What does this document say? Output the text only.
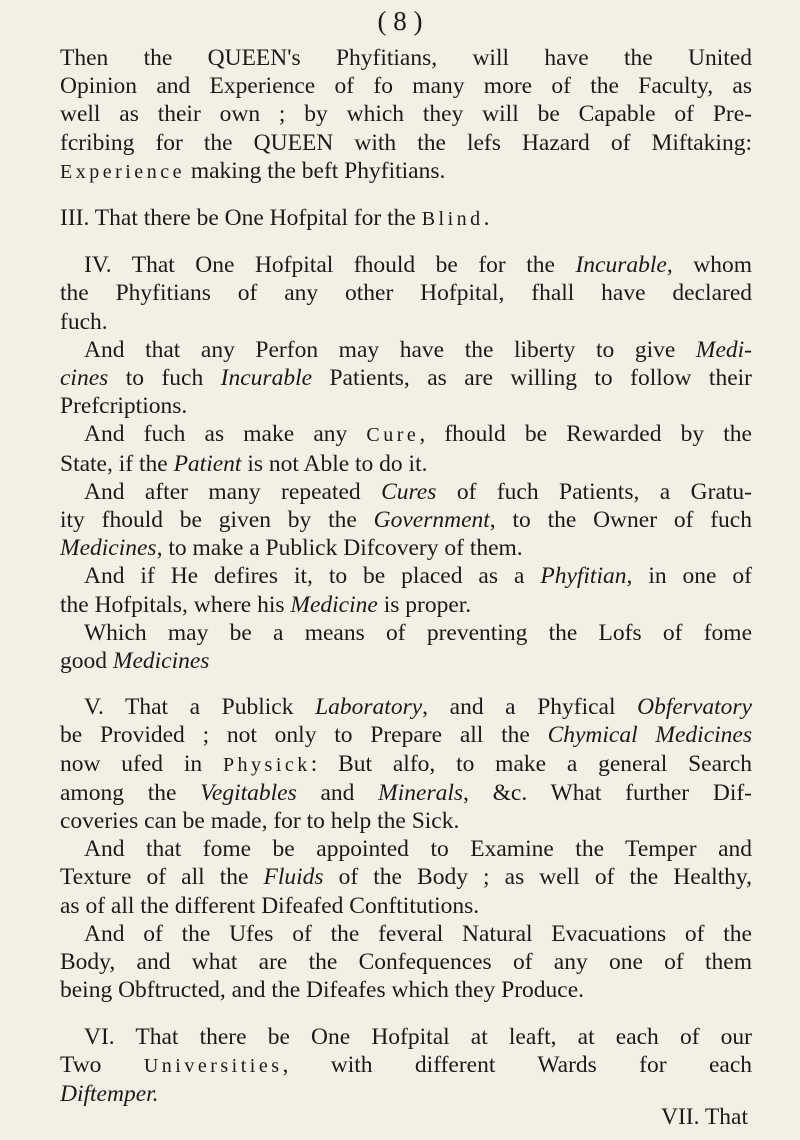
( 8 )
Then the QUEEN's Phyfitians, will have the United
Opinion and Experience of fo many more of the Faculty, as
well as their own ; by which they will be Capable of Pre-
fcribing for the QUEEN with the lefs Hazard of Miftaking:
Experience making the beft Phyfitians.
III. That there be One Hofpital for the Blind.
IV. That One Hofpital fhould be for the Incurable, whom
the Phyfitians of any other Hofpital, fhall have declared
fuch.
And that any Perfon may have the liberty to give Medi-
cines to fuch Incurable Patients, as are willing to follow their
Prefcriptions.
And fuch as make any Cure, fhould be Rewarded by the
State, if the Patient is not Able to do it.
And after many repeated Cures of fuch Patients, a Gratu-
ity fhould be given by the Government, to the Owner of fuch
Medicines, to make a Publick Difcovery of them.
And if He defires it, to be placed as a Phyfitian, in one of
the Hofpitals, where his Medicine is proper.
Which may be a means of preventing the Lofs of fome
good Medicines
V. That a Publick Laboratory, and a Phyfical Obfervatory
be Provided ; not only to Prepare all the Chymical Medicines
now ufed in Physick: But alfo, to make a general Search
among the Vegitables and Minerals, &c. What further Dif-
coveries can be made, for to help the Sick.
And that fome be appointed to Examine the Temper and
Texture of all the Fluids of the Body ; as well of the Healthy,
as of all the different Difeafed Conftitutions.
And of the Ufes of the feveral Natural Evacuations of the
Body, and what are the Confequences of any one of them
being Obftructed, and the Difeafes which they Produce.
VI. That there be One Hofpital at leaft, at each of our
Two Universities, with different Wards for each
Diftemper.
VII. That
